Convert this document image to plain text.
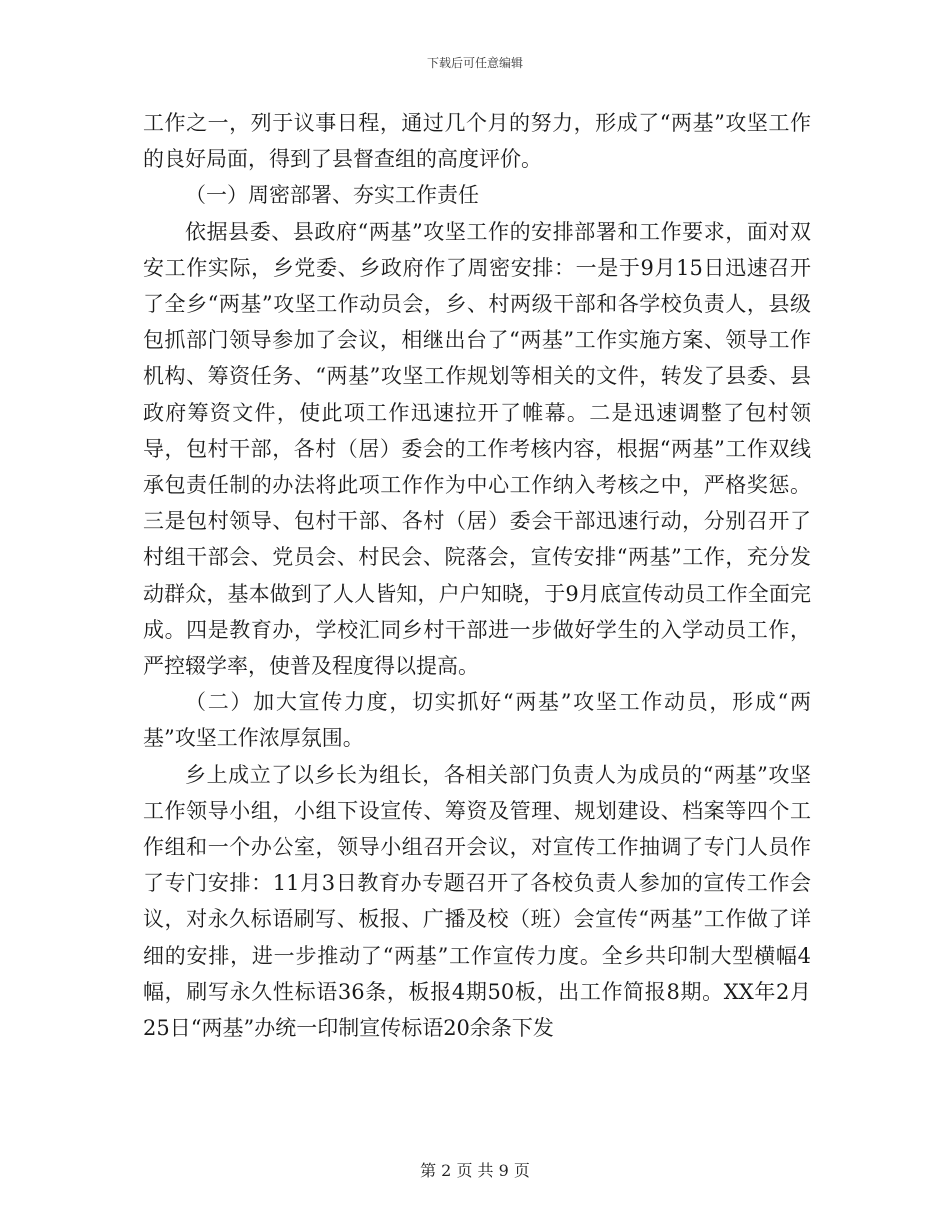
下载后可任意编辑

工作之一，列于议事日程，通过几个月的努力，形成了“两基”攻坚工作的良好局面，得到了县督查组的高度评价。

（一）周密部署、夯实工作责任

依据县委、县政府“两基”攻坚工作的安排部署和工作要求，面对双安工作实际，乡党委、乡政府作了周密安排：一是于9月15日迅速召开了全乡“两基”攻坚工作动员会，乡、村两级干部和各学校负责人，县级包抓部门领导参加了会议，相继出台了“两基”工作实施方案、领导工作机构、筹资任务、“两基”攻坚工作规划等相关的文件，转发了县委、县政府筹资文件，使此项工作迅速拉开了帷幕。二是迅速调整了包村领导，包村干部，各村（居）委会的工作考核内容，根据“两基”工作双线承包责任制的办法将此项工作作为中心工作纳入考核之中，严格奖惩。三是包村领导、包村干部、各村（居）委会干部迅速行动，分别召开了村组干部会、党员会、村民会、院落会，宣传安排“两基”工作，充分发动群众，基本做到了人人皆知，户户知晓，于9月底宣传动员工作全面完成。四是教育办，学校汇同乡村干部进一步做好学生的入学动员工作，严控辍学率，使普及程度得以提高。

（二）加大宣传力度，切实抓好“两基”攻坚工作动员，形成“两基”攻坚工作浓厚氛围。

乡上成立了以乡长为组长，各相关部门负责人为成员的“两基”攻坚工作领导小组，小组下设宣传、筹资及管理、规划建设、档案等四个工作组和一个办公室，领导小组召开会议，对宣传工作抽调了专门人员作了专门安排：11月3日教育办专题召开了各校负责人参加的宣传工作会议，对永久标语刷写、板报、广播及校（班）会宣传“两基”工作做了详细的安排，进一步推动了“两基”工作宣传力度。全乡共印制大型横幅4幅，刷写永久性标语36条，板报4期50板，出工作简报8期。XX年2月25日“两基”办统一印制宣传标语20余条下发

第 2 页 共 9 页
